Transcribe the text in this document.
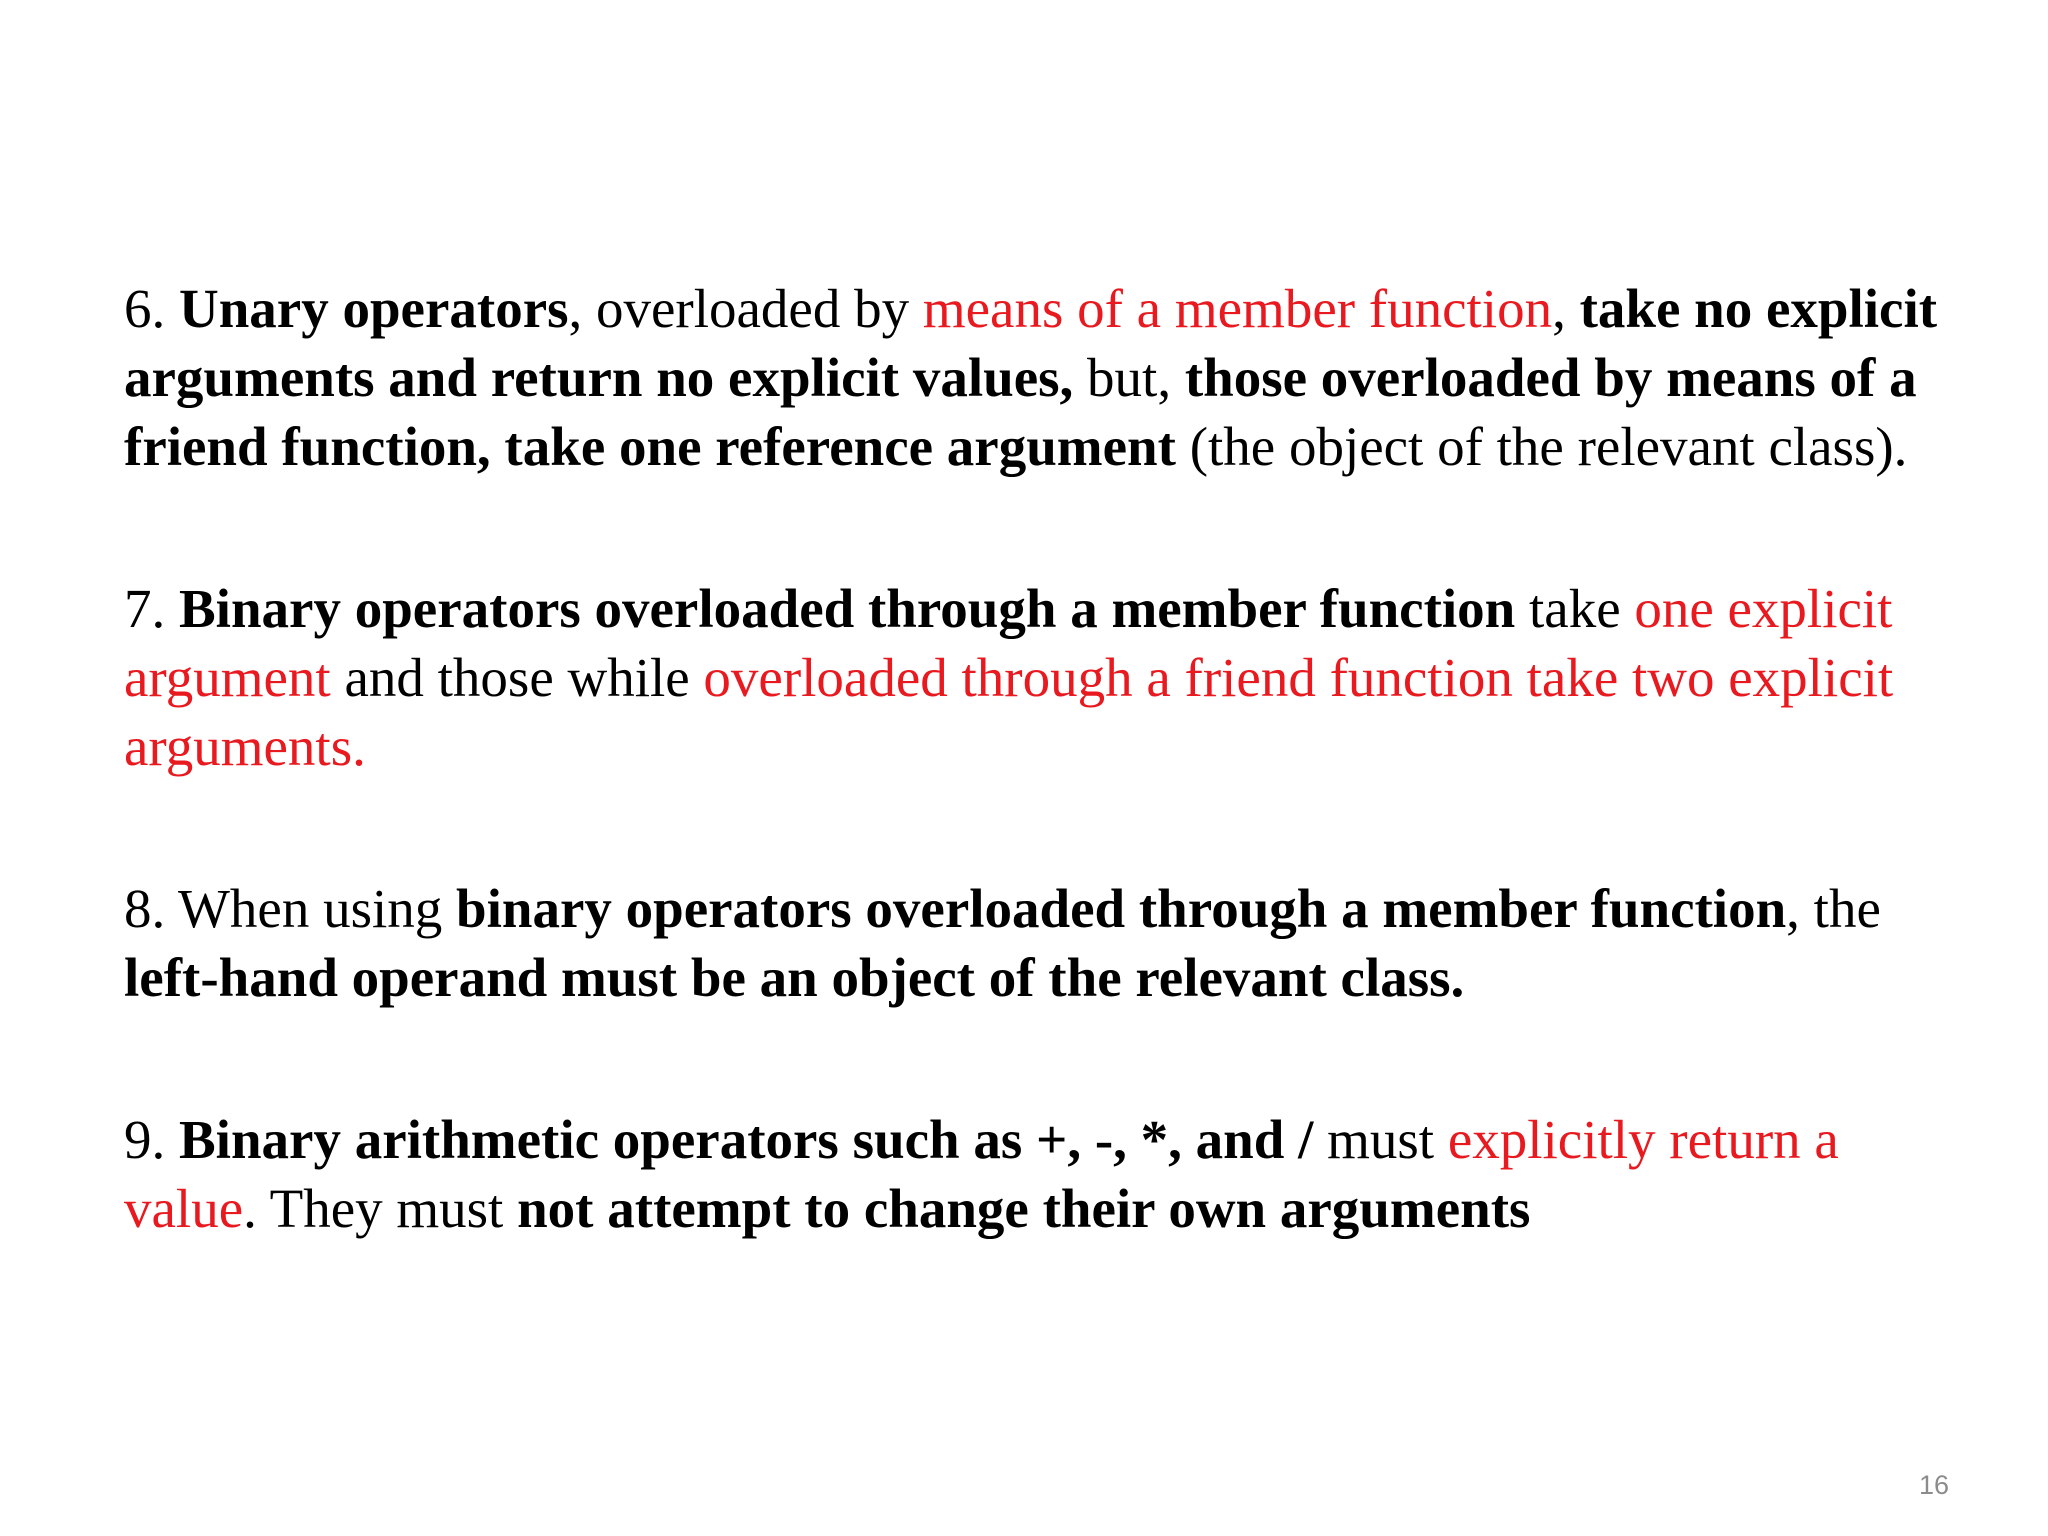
6. Unary operators, overloaded by means of a member function, take no explicit arguments and return no explicit values, but, those overloaded by means of a friend function, take one reference argument (the object of the relevant class).

7. Binary operators overloaded through a member function take one explicit argument and those while overloaded through a friend function take two explicit arguments.

8. When using binary operators overloaded through a member function, the left-hand operand must be an object of the relevant class.

9. Binary arithmetic operators such as +, -, *, and / must explicitly return a value. They must not attempt to change their own arguments

16
